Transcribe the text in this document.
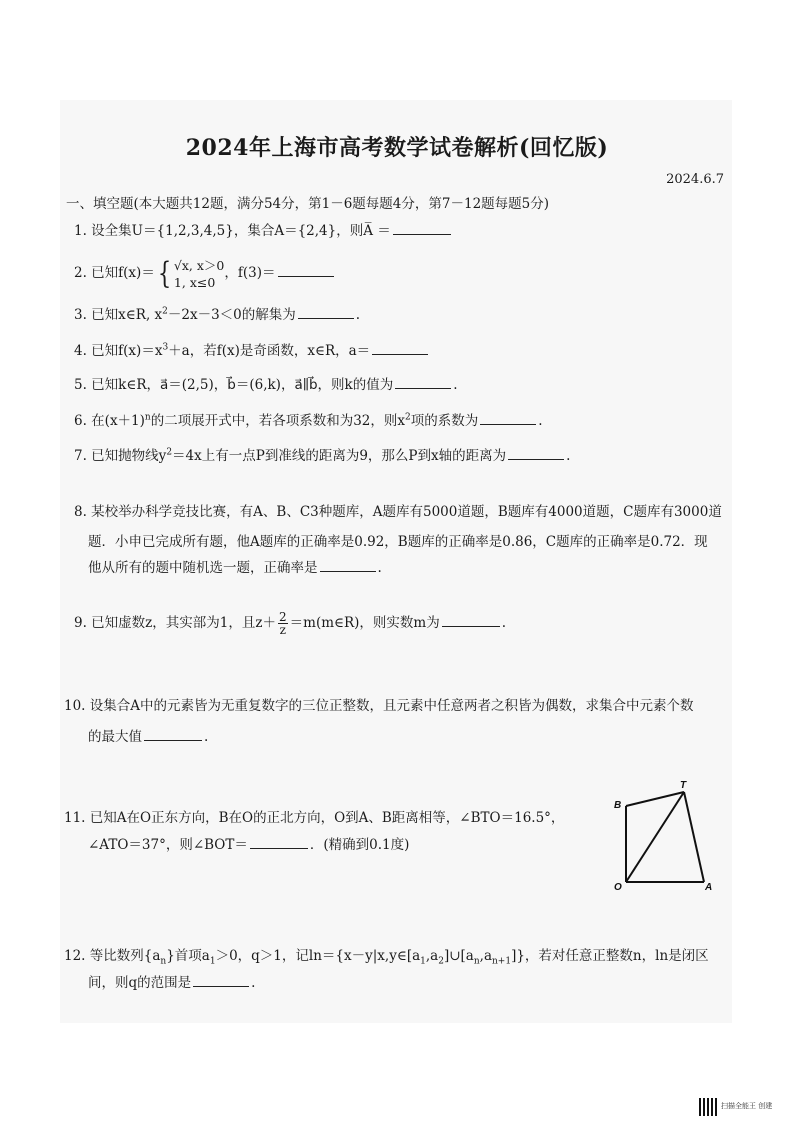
2024年上海市高考数学试卷解析(回忆版)
2024.6.7
一、填空题(本大题共12题，满分54分，第1－6题每题4分，第7－12题每题5分)
1. 设全集U＝{1,2,3,4,5}，集合A＝{2,4}，则A̅ ＝
2. 已知f(x)＝{ √x, x＞0
1, x≤0
，f(3)＝
3. 已知x∈R, $x^2-2x-3<0$的解集为	.
4. 已知$f(x)=x^3+a$，若f(x)是奇函数，x∈R，a＝
5. 已知k∈R，a⃗＝(2,5)，b⃗＝(6,k)，a⃗∥b⃗，则k的值为	.
6. 在$(x+1)^n$的二项展开式中，若各项系数和为32，则$x^2$项的系数为	.
7. 已知抛物线$y^2=4x$上有一点P到准线的距离为9，那么P到x轴的距离为	.
8. 某校举办科学竞技比赛，有A、B、C3种题库，A题库有5000道题，B题库有4000道题，C题库有3000道
题．小申已完成所有题，他A题库的正确率是0.92，B题库的正确率是0.86，C题库的正确率是0.72．现
他从所有的题中随机选一题，正确率是	.
9. 已知虚数z，其实部为1，且$z+ \frac{2}{z}$ ＝m(m∈R)，则实数m为	.
10. 设集合A中的元素皆为无重复数字的三位正整数，且元素中任意两者之积皆为偶数，求集合中元素个数
的最大值	.
11. 已知A在O正东方向，B在O的正北方向，O到A、B距离相等，∠BTO＝16.5°，
∠ATO＝37°，则∠BOT＝	．(精确到0.1度)
T
B
O	A
12. 等比数列$\{a_n\}$首项$a_1>0$，q＞1，记$\ln=\{x-y|x,y\in[a_1,a_2]\cup[a_n,a_{n+1}]\}$，若对任意正整数n，ln是闭区
间，则q的范围是	.
扫描全能王 创建
